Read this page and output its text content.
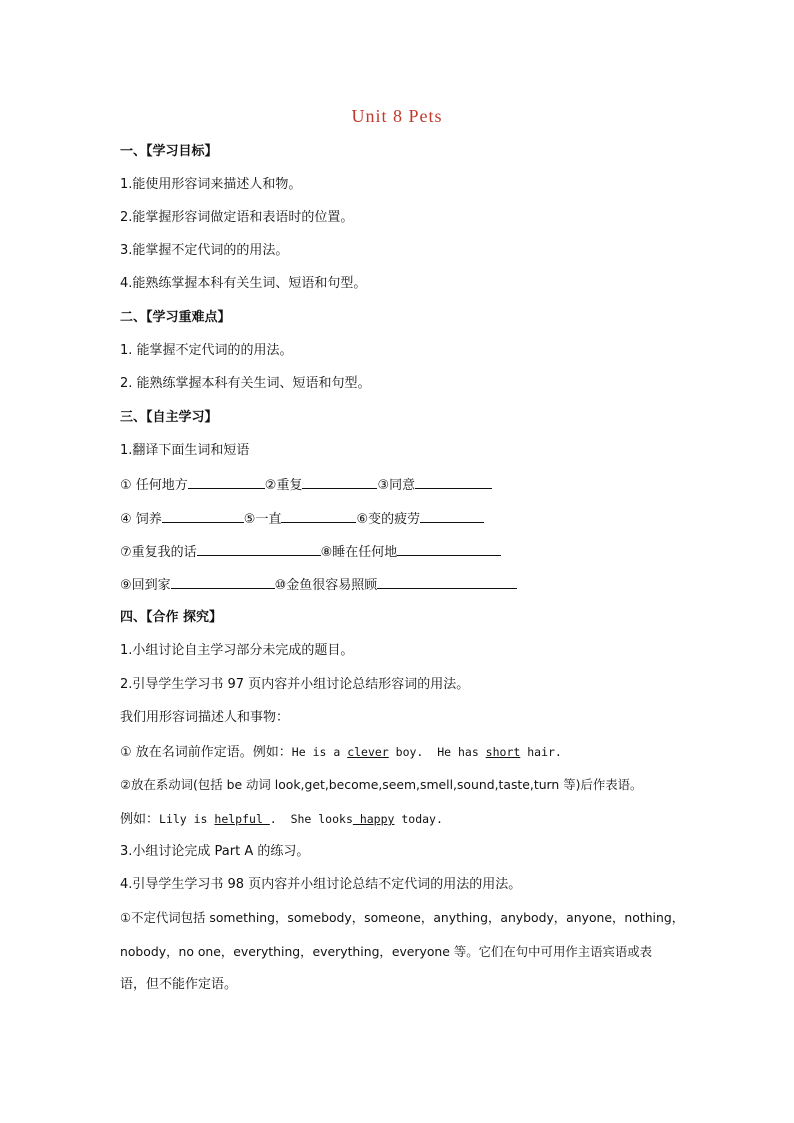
Unit 8 Pets
一、【学习目标】
1.能使用形容词来描述人和物。
2.能掌握形容词做定语和表语时的位置。
3.能掌握不定代词的的用法。
4.能熟练掌握本科有关生词、短语和句型。
二、【学习重难点】
1. 能掌握不定代词的的用法。
2. 能熟练掌握本科有关生词、短语和句型。
三、【自主学习】
1.翻译下面生词和短语
① 任何地方	②重复	③同意
④ 饲养	⑤一直	⑥变的疲劳
⑦重复我的话	⑧睡在任何地
⑨回到家	⑩金鱼很容易照顾
四、【合作 探究】
1.小组讨论自主学习部分未完成的题目。
2.引导学生学习书 97 页内容并小组讨论总结形容词的用法。
我们用形容词描述人和事物：
① 放在名词前作定语。例如：He is a clever boy.  He has short hair.
②放在系动词(包括 be 动词 look,get,become,seem,smell,sound,taste,turn 等)后作表语。
例如：Lily is helpful .  She looks happy today.
3.小组讨论完成 Part A 的练习。
4.引导学生学习书 98 页内容并小组讨论总结不定代词的用法的用法。
①不定代词包括 something，somebody，someone，anything，anybody，anyone，nothing，
nobody，no one，everything，everything，everyone 等。它们在句中可用作主语宾语或表
语，但不能作定语。
